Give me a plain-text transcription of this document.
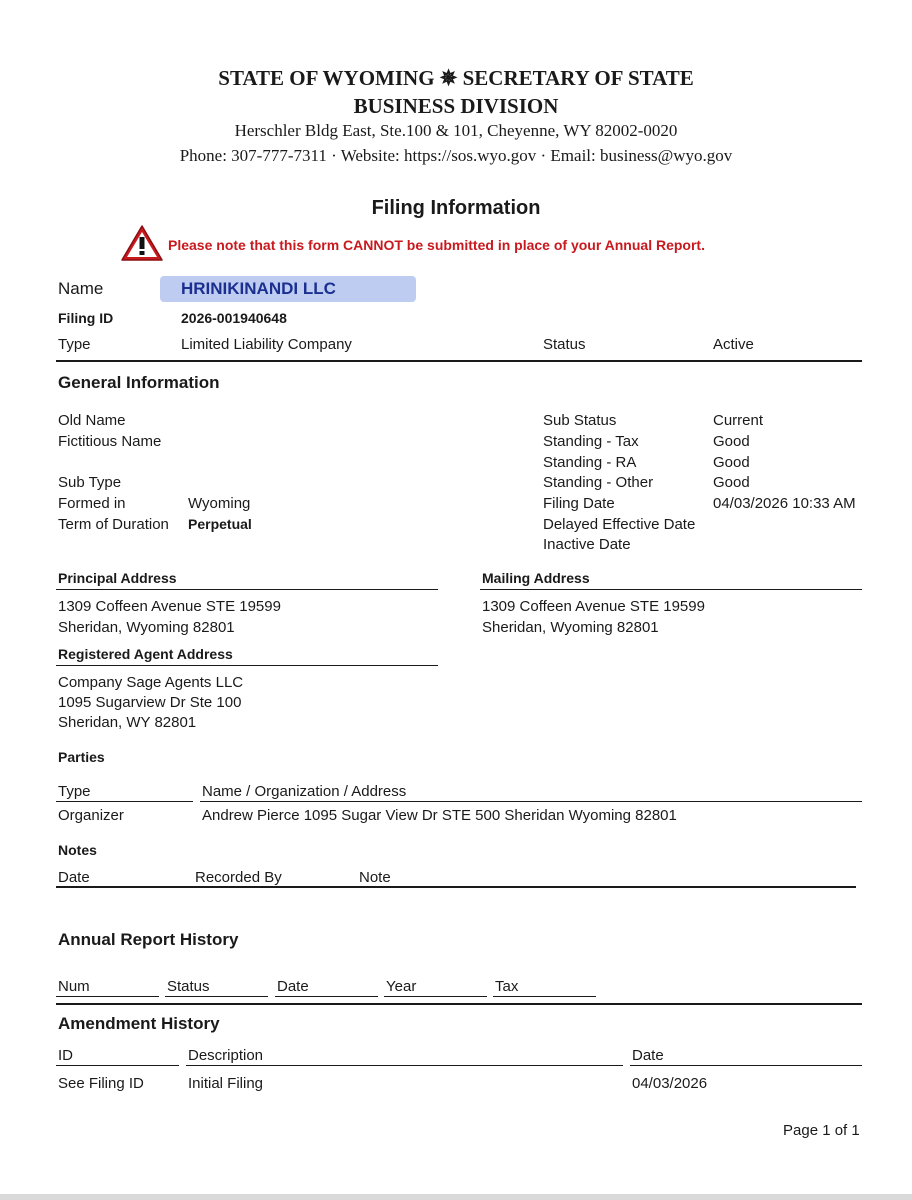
STATE OF WYOMING ✵ SECRETARY OF STATE
BUSINESS DIVISION
Herschler Bldg East, Ste.100 & 101, Cheyenne, WY 82002-0020
Phone: 307-777-7311 · Website: https://sos.wyo.gov · Email: business@wyo.gov
Filing Information
Please note that this form CANNOT be submitted in place of your Annual Report.
Name	HRINIKINANDI LLC
Filing ID	2026-001940648
Type	Limited Liability Company	Status	Active
General Information
Old Name
Fictitious Name
Sub Type
Formed in	Wyoming
Term of Duration Perpetual
Sub Status	Current
Standing - Tax	Good
Standing - RA	Good
Standing - Other	Good
Filing Date	04/03/2026 10:33 AM
Delayed Effective Date
Inactive Date
Principal Address
1309 Coffeen Avenue STE 19599
Sheridan, Wyoming 82801
Mailing Address
1309 Coffeen Avenue STE 19599
Sheridan, Wyoming 82801
Registered Agent Address
Company Sage Agents LLC
1095 Sugarview Dr Ste 100
Sheridan, WY 82801
Parties
Type	Name / Organization / Address
Organizer	Andrew Pierce 1095 Sugar View Dr STE 500 Sheridan Wyoming 82801
Notes
Date	Recorded By	Note
Annual Report History
Num	Status	Date	Year	Tax
Amendment History
ID	Description	Date
See Filing ID	Initial Filing	04/03/2026
Page 1 of 1
